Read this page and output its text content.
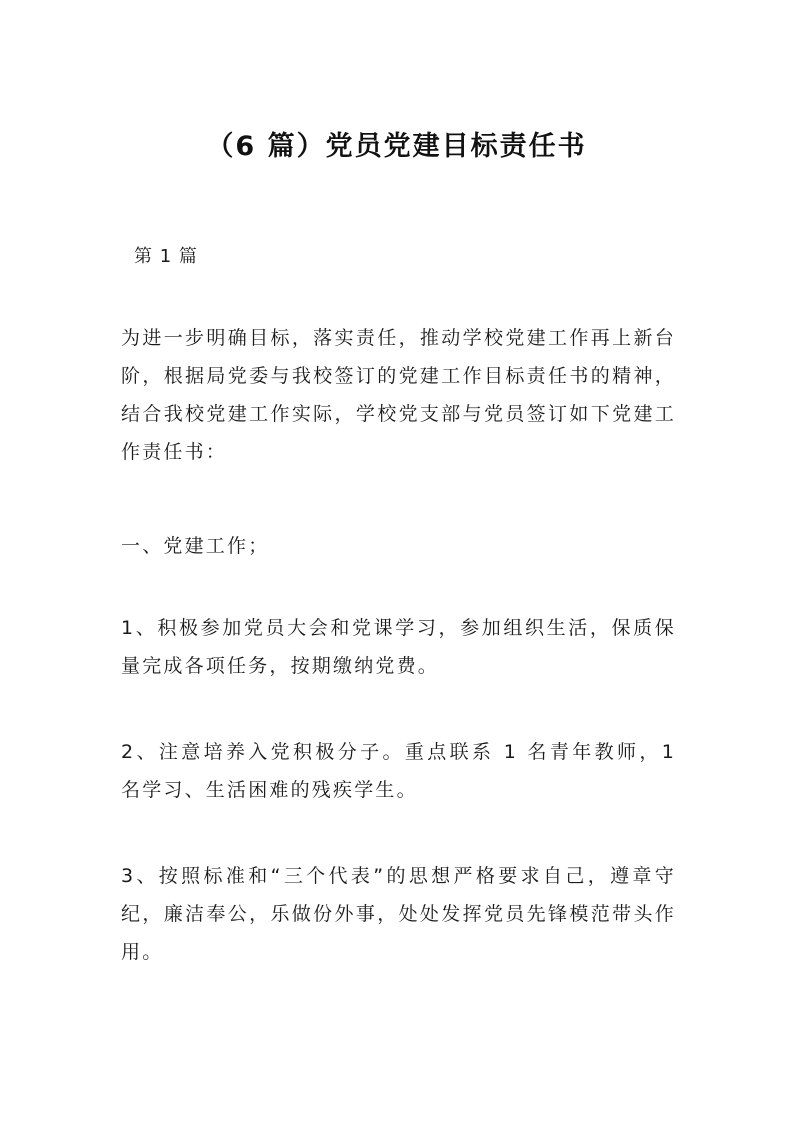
（6 篇）党员党建目标责任书
第 1 篇

为进一步明确目标，落实责任，推动学校党建工作再上新台阶，根据局党委与我校签订的党建工作目标责任书的精神，结合我校党建工作实际，学校党支部与党员签订如下党建工作责任书：

一、党建工作；

1、积极参加党员大会和党课学习，参加组织生活，保质保量完成各项任务，按期缴纳党费。

2、注意培养入党积极分子。重点联系 1 名青年教师，1 名学习、生活困难的残疾学生。

3、按照标准和“三个代表”的思想严格要求自己，遵章守纪，廉洁奉公，乐做份外事，处处发挥党员先锋模范带头作用。
